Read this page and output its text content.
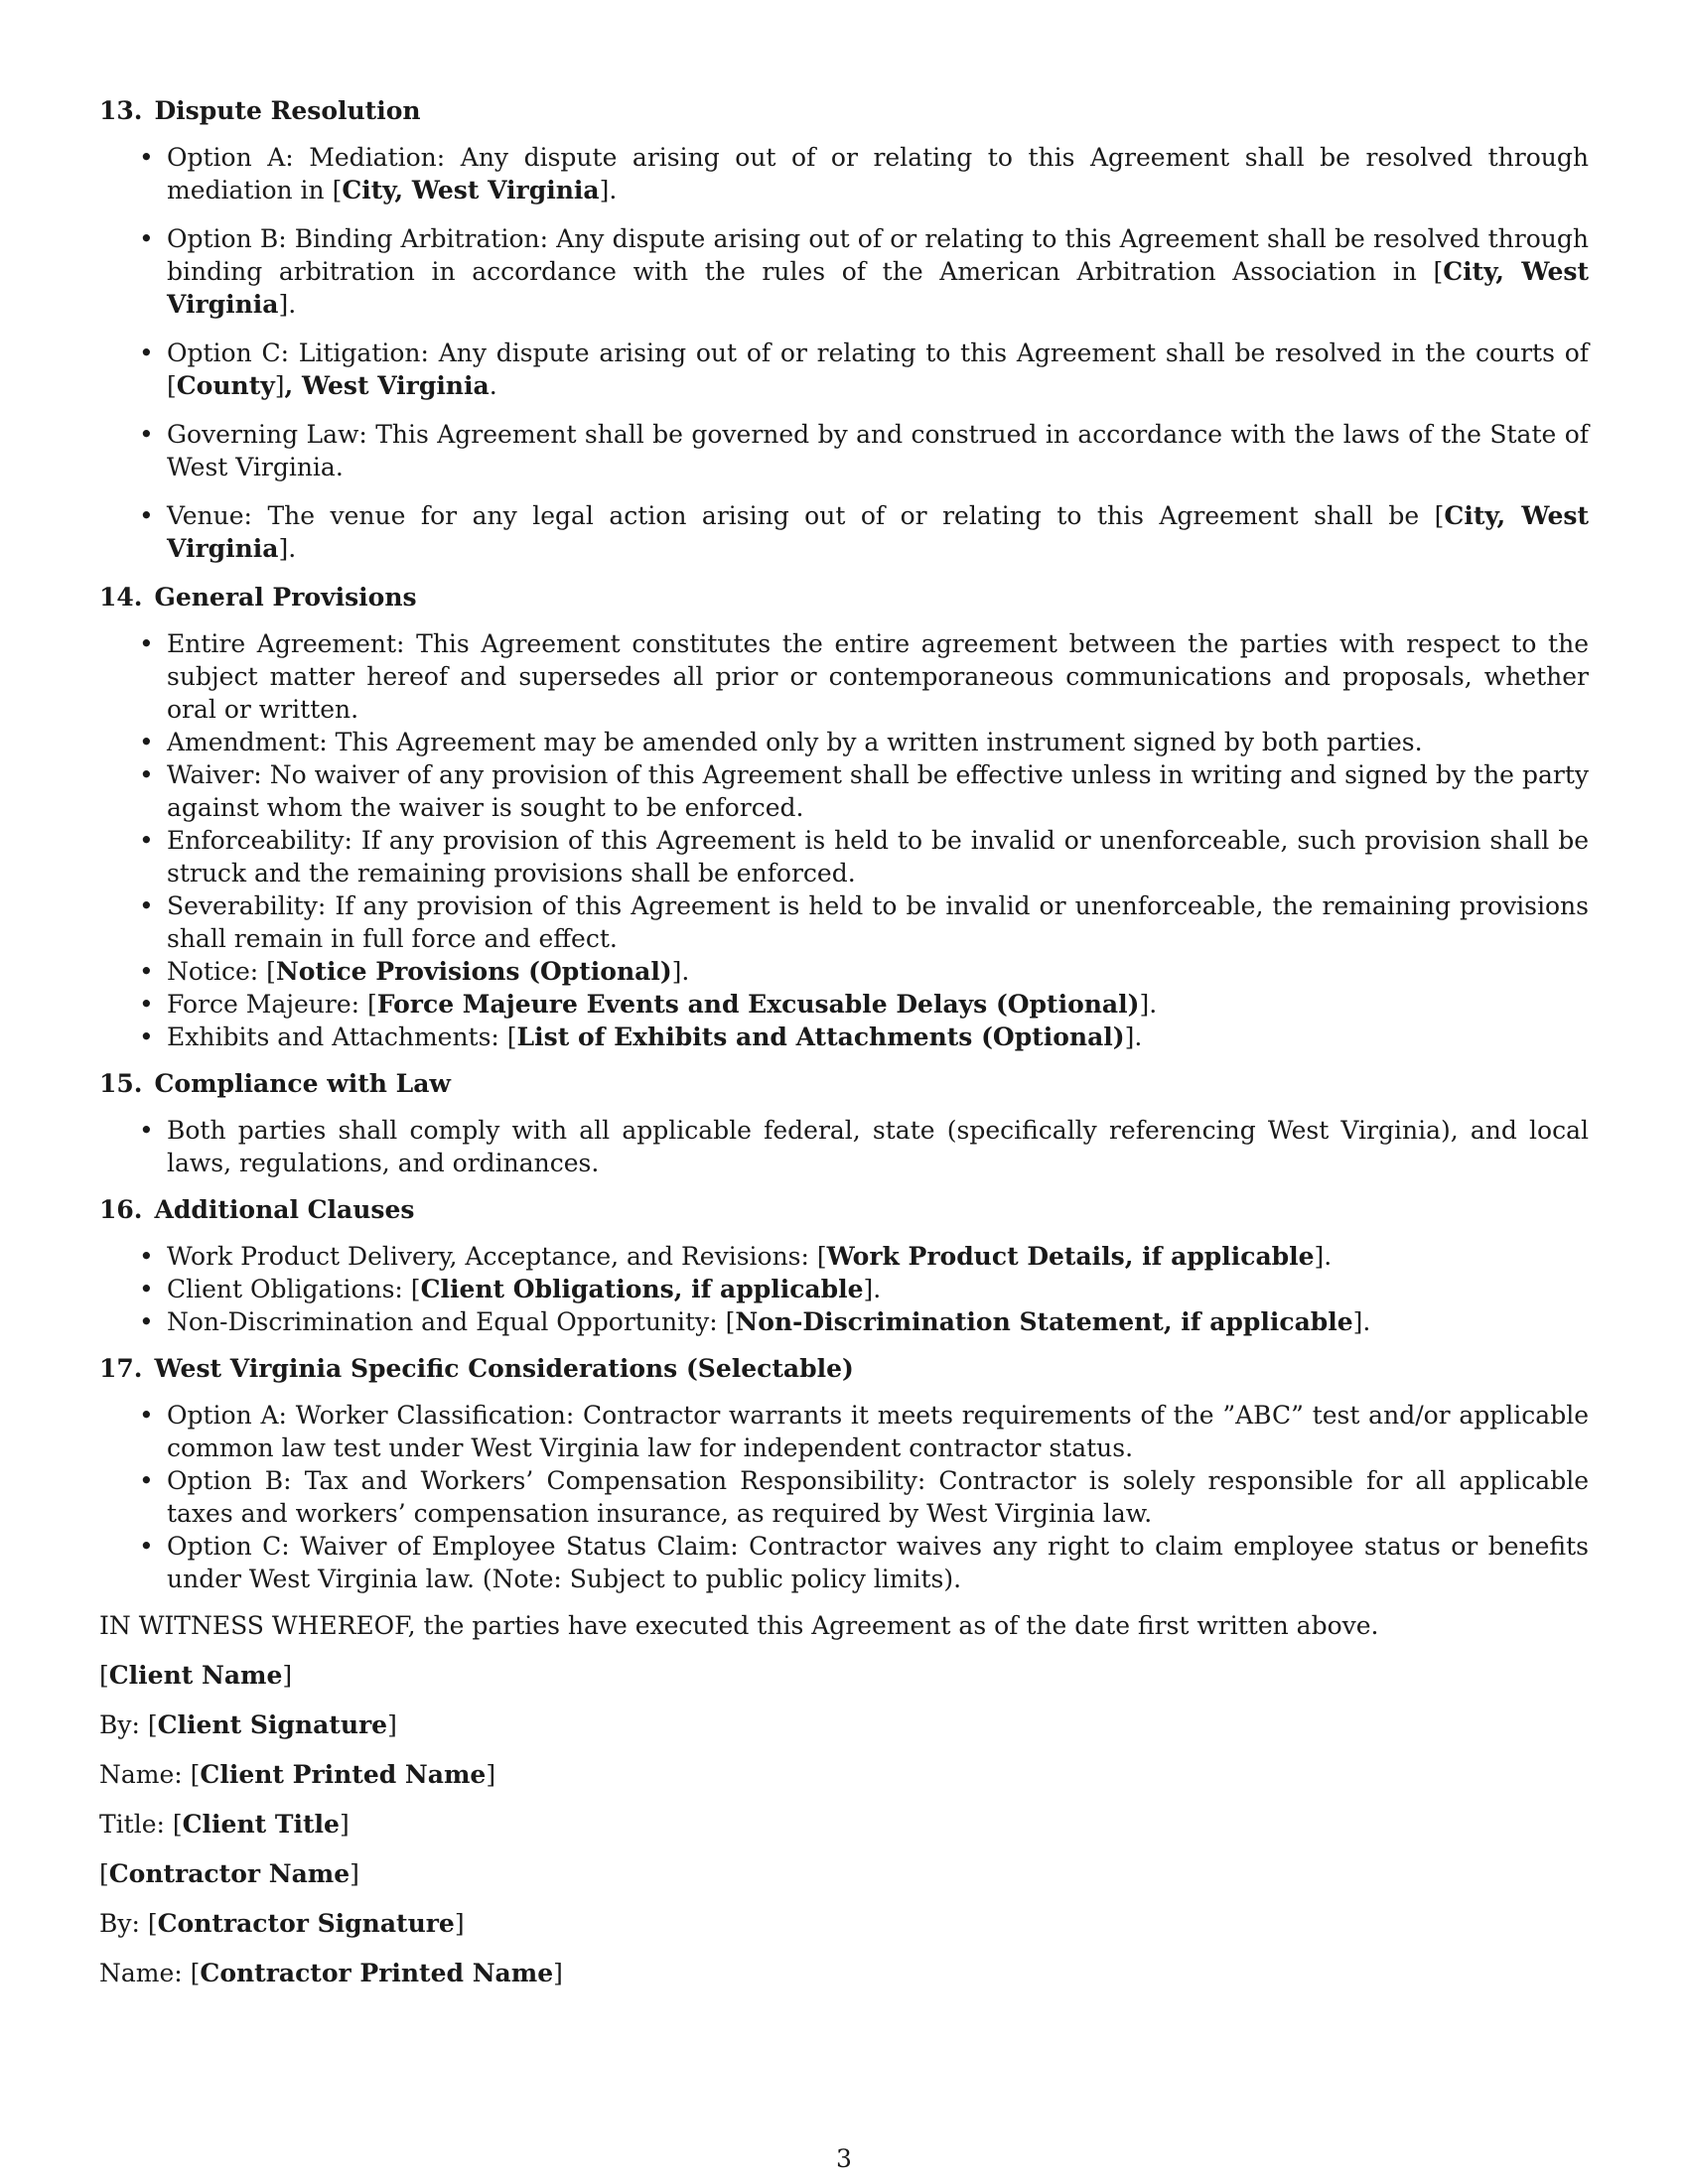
13. Dispute Resolution
• Option A: Mediation: Any dispute arising out of or relating to this Agreement shall be resolved through mediation in [City, West Virginia].
• Option B: Binding Arbitration: Any dispute arising out of or relating to this Agreement shall be resolved through binding arbitration in accordance with the rules of the American Arbitration Association in [City, West Virginia].
• Option C: Litigation: Any dispute arising out of or relating to this Agreement shall be resolved in the courts of [County], West Virginia.
• Governing Law: This Agreement shall be governed by and construed in accordance with the laws of the State of West Virginia.
• Venue: The venue for any legal action arising out of or relating to this Agreement shall be [City, West Virginia].
14. General Provisions
• Entire Agreement: This Agreement constitutes the entire agreement between the parties with respect to the subject matter hereof and supersedes all prior or contemporaneous communications and proposals, whether oral or written.
• Amendment: This Agreement may be amended only by a written instrument signed by both parties.
• Waiver: No waiver of any provision of this Agreement shall be effective unless in writing and signed by the party against whom the waiver is sought to be enforced.
• Enforceability: If any provision of this Agreement is held to be invalid or unenforceable, such provision shall be struck and the remaining provisions shall be enforced.
• Severability: If any provision of this Agreement is held to be invalid or unenforceable, the remaining provisions shall remain in full force and effect.
• Notice: [Notice Provisions (Optional)].
• Force Majeure: [Force Majeure Events and Excusable Delays (Optional)].
• Exhibits and Attachments: [List of Exhibits and Attachments (Optional)].
15. Compliance with Law
• Both parties shall comply with all applicable federal, state (specifically referencing West Virginia), and local laws, regulations, and ordinances.
16. Additional Clauses
• Work Product Delivery, Acceptance, and Revisions: [Work Product Details, if applicable].
• Client Obligations: [Client Obligations, if applicable].
• Non-Discrimination and Equal Opportunity: [Non-Discrimination Statement, if applicable].
17. West Virginia Specific Considerations (Selectable)
• Option A: Worker Classification: Contractor warrants it meets requirements of the ”ABC” test and/or applicable common law test under West Virginia law for independent contractor status.
• Option B: Tax and Workers’ Compensation Responsibility: Contractor is solely responsible for all applicable taxes and workers’ compensation insurance, as required by West Virginia law.
• Option C: Waiver of Employee Status Claim: Contractor waives any right to claim employee status or benefits under West Virginia law. (Note: Subject to public policy limits).

IN WITNESS WHEREOF, the parties have executed this Agreement as of the date first written above.

[Client Name]

By: [Client Signature]

Name: [Client Printed Name]

Title: [Client Title]

[Contractor Name]

By: [Contractor Signature]

Name: [Contractor Printed Name]

3
